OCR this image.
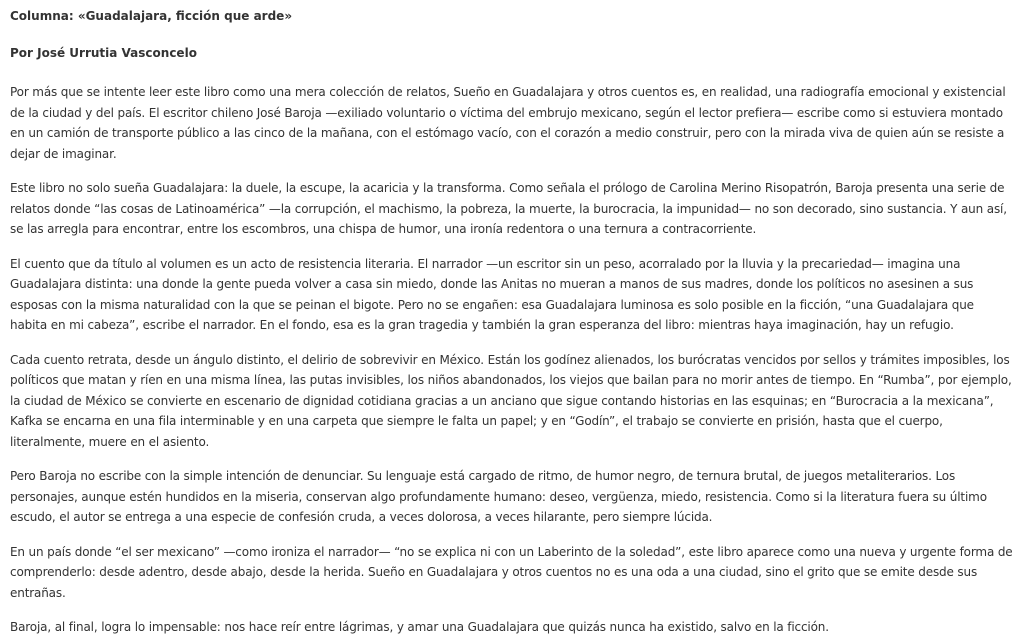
Columna: «Guadalajara, ficción que arde»
Por José Urrutia Vasconcelo

Por más que se intente leer este libro como una mera colección de relatos, Sueño en Guadalajara y otros cuentos es, en realidad, una radiografía emocional y existencial de la ciudad y del país. El escritor chileno José Baroja —exiliado voluntario o víctima del embrujo mexicano, según el lector prefiera— escribe como si estuviera montado en un camión de transporte público a las cinco de la mañana, con el estómago vacío, con el corazón a medio construir, pero con la mirada viva de quien aún se resiste a dejar de imaginar.

Este libro no solo sueña Guadalajara: la duele, la escupe, la acaricia y la transforma. Como señala el prólogo de Carolina Merino Risopatrón, Baroja presenta una serie de relatos donde “las cosas de Latinoamérica” —la corrupción, el machismo, la pobreza, la muerte, la burocracia, la impunidad— no son decorado, sino sustancia. Y aun así, se las arregla para encontrar, entre los escombros, una chispa de humor, una ironía redentora o una ternura a contracorriente.

El cuento que da título al volumen es un acto de resistencia literaria. El narrador —un escritor sin un peso, acorralado por la lluvia y la precariedad— imagina una Guadalajara distinta: una donde la gente pueda volver a casa sin miedo, donde las Anitas no mueran a manos de sus madres, donde los políticos no asesinen a sus esposas con la misma naturalidad con la que se peinan el bigote. Pero no se engañen: esa Guadalajara luminosa es solo posible en la ficción, “una Guadalajara que habita en mi cabeza”, escribe el narrador. En el fondo, esa es la gran tragedia y también la gran esperanza del libro: mientras haya imaginación, hay un refugio.

Cada cuento retrata, desde un ángulo distinto, el delirio de sobrevivir en México. Están los godínez alienados, los burócratas vencidos por sellos y trámites imposibles, los políticos que matan y ríen en una misma línea, las putas invisibles, los niños abandonados, los viejos que bailan para no morir antes de tiempo. En “Rumba”, por ejemplo, la ciudad de México se convierte en escenario de dignidad cotidiana gracias a un anciano que sigue contando historias en las esquinas; en “Burocracia a la mexicana”, Kafka se encarna en una fila interminable y en una carpeta que siempre le falta un papel; y en “Godín”, el trabajo se convierte en prisión, hasta que el cuerpo, literalmente, muere en el asiento.

Pero Baroja no escribe con la simple intención de denunciar. Su lenguaje está cargado de ritmo, de humor negro, de ternura brutal, de juegos metaliterarios. Los personajes, aunque estén hundidos en la miseria, conservan algo profundamente humano: deseo, vergüenza, miedo, resistencia. Como si la literatura fuera su último escudo, el autor se entrega a una especie de confesión cruda, a veces dolorosa, a veces hilarante, pero siempre lúcida.

En un país donde “el ser mexicano” —como ironiza el narrador— “no se explica ni con un Laberinto de la soledad”, este libro aparece como una nueva y urgente forma de comprenderlo: desde adentro, desde abajo, desde la herida. Sueño en Guadalajara y otros cuentos no es una oda a una ciudad, sino el grito que se emite desde sus entrañas.

Baroja, al final, logra lo impensable: nos hace reír entre lágrimas, y amar una Guadalajara que quizás nunca ha existido, salvo en la ficción.
